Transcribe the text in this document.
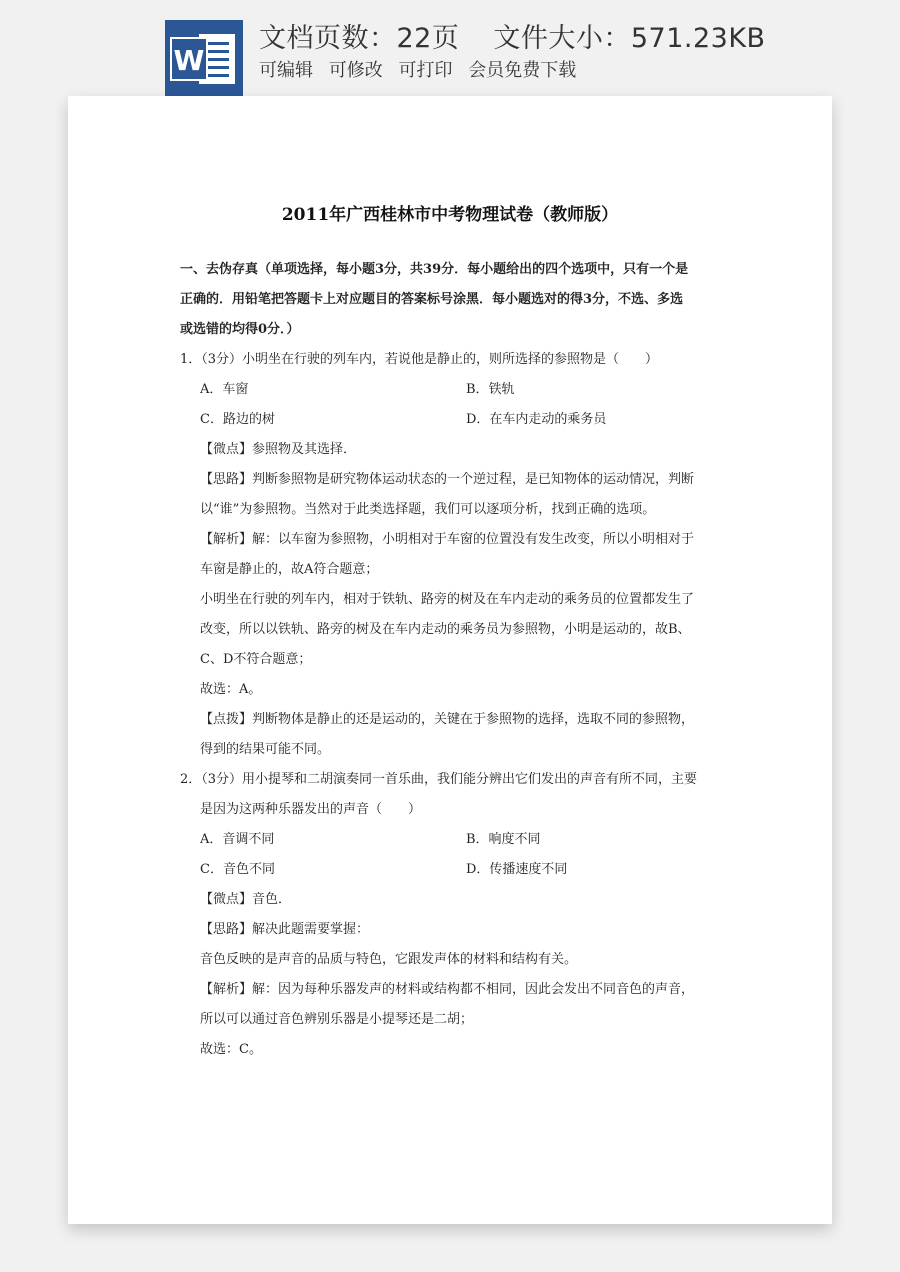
W
文档页数：22页 文件大小：571.23KB
可编辑 可修改 可打印 会员免费下载
2011年广西桂林市中考物理试卷（教师版）
一、去伪存真（单项选择，每小题3分，共39分．每小题给出的四个选项中，只有一个是
正确的．用铅笔把答题卡上对应题目的答案标号涂黑．每小题选对的得3分，不选、多选
或选错的均得0分．）
1．（3分）小明坐在行驶的列车内，若说他是静止的，则所选择的参照物是（　　）
A．车窗	B．铁轨
C．路边的树	D．在车内走动的乘务员
【微点】参照物及其选择．
【思路】判断参照物是研究物体运动状态的一个逆过程，是已知物体的运动情况，判断
以“谁”为参照物。当然对于此类选择题，我们可以逐项分析，找到正确的选项。
【解析】解：以车窗为参照物，小明相对于车窗的位置没有发生改变，所以小明相对于
车窗是静止的，故A符合题意；
小明坐在行驶的列车内，相对于铁轨、路旁的树及在车内走动的乘务员的位置都发生了
改变，所以以铁轨、路旁的树及在车内走动的乘务员为参照物，小明是运动的，故B、
C、D不符合题意；
故选：A。
【点拨】判断物体是静止的还是运动的，关键在于参照物的选择，选取不同的参照物，
得到的结果可能不同。
2．（3分）用小提琴和二胡演奏同一首乐曲，我们能分辨出它们发出的声音有所不同，主要
是因为这两种乐器发出的声音（　　）
A．音调不同	B．响度不同
C．音色不同	D．传播速度不同
【微点】音色．
【思路】解决此题需要掌握：
音色反映的是声音的品质与特色，它跟发声体的材料和结构有关。
【解析】解：因为每种乐器发声的材料或结构都不相同，因此会发出不同音色的声音，
所以可以通过音色辨别乐器是小提琴还是二胡；
故选：C。
